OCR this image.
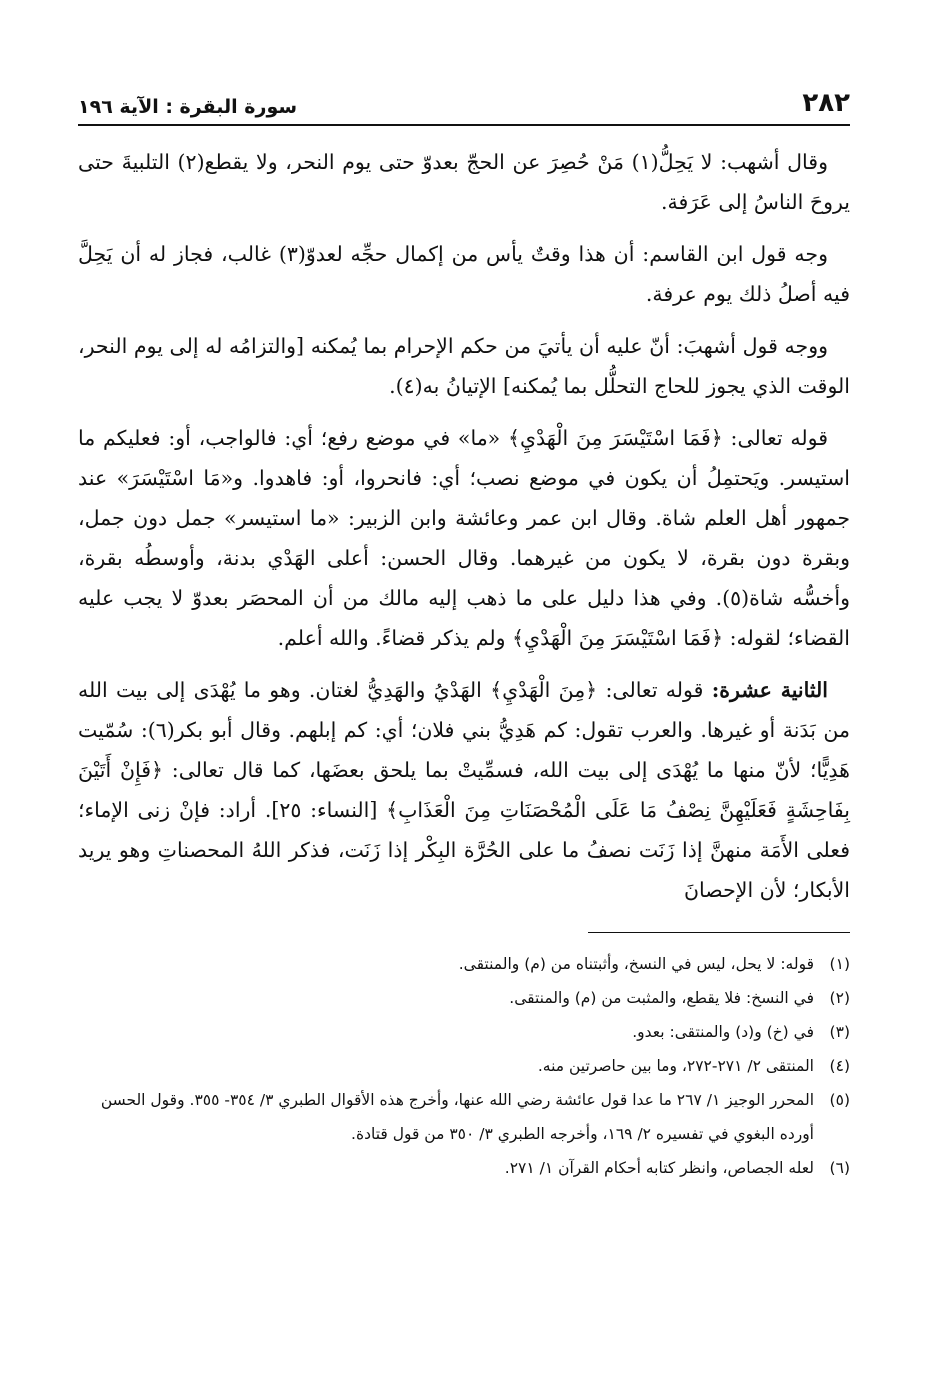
٢٨٢
سورة البقرة : الآية ١٩٦

وقال أشهب: لا يَحِلُّ(١) مَنْ حُصِرَ عن الحجّ بعدوّ حتى يوم النحر، ولا يقطع(٢) التلبيةَ حتى يروحَ الناسُ إلى عَرَفة.

وجه قول ابن القاسم: أن هذا وقتٌ يأس من إكمال حجِّه لعدوّ(٣) غالب، فجاز له أن يَحِلَّ فيه أصلُ ذلك يوم عرفة.

ووجه قول أشهبَ: أنّ عليه أن يأتيَ من حكم الإحرام بما يُمكنه [والتزامُه له إلى يوم النحر، الوقت الذي يجوز للحاج التحلُّل بما يُمكنه] الإتيانُ به(٤).

قوله تعالى: ﴿فَمَا اسْتَيْسَرَ مِنَ الْهَدْيِ﴾ «ما» في موضع رفع؛ أي: فالواجب، أو: فعليكم ما استيسر. ويَحتمِلُ أن يكون في موضع نصب؛ أي: فانحروا، أو: فاهدوا. و«مَا اسْتَيْسَرَ» عند جمهور أهل العلم شاة. وقال ابن عمر وعائشة وابن الزبير: «ما استيسر» جمل دون جمل، وبقرة دون بقرة، لا يكون من غيرهما. وقال الحسن: أعلى الهَدْي بدنة، وأوسطُه بقرة، وأخسُّه شاة(٥). وفي هذا دليل على ما ذهب إليه مالك من أن المحصَر بعدوّ لا يجب عليه القضاء؛ لقوله: ﴿فَمَا اسْتَيْسَرَ مِنَ الْهَدْيِ﴾ ولم يذكر قضاءً. والله أعلم.

الثانية عشرة: قوله تعالى: ﴿مِنَ الْهَدْيِ﴾ الهَدْيُ والهَدِيُّ لغتان. وهو ما يُهْدَى إلى بيت الله من بَدَنة أو غيرها. والعرب تقول: كم هَدِيُّ بني فلان؛ أي: كم إبلهم. وقال أبو بكر(٦): سُمّيت هَدِيًّا؛ لأنّ منها ما يُهْدَى إلى بيت الله، فسمِّيتْ بما يلحق بعضَها، كما قال تعالى: ﴿فَإِنْ أَتَيْنَ بِفَاحِشَةٍ فَعَلَيْهِنَّ نِصْفُ مَا عَلَى الْمُحْصَنَاتِ مِنَ الْعَذَابِ﴾ [النساء: ٢٥]. أراد: فإنْ زنى الإماء؛ فعلى الأَمَة منهنَّ إذا زَنَت نصفُ ما على الحُرَّة البِكْر إذا زَنَت، فذكر اللهُ المحصناتِ وهو يريد الأبكار؛ لأن الإحصانَ

(١)
قوله: لا يحل، ليس في النسخ، وأثبتناه من (م) والمنتقى.
(٢)
في النسخ: فلا يقطع، والمثبت من (م) والمنتقى.
(٣)
في (خ) و(د) والمنتقى: بعدو.
(٤)
المنتقى ٢/ ٢٧١-٢٧٢، وما بين حاصرتين منه.
(٥)
المحرر الوجيز ١/ ٢٦٧ ما عدا قول عائشة رضي الله عنها، وأخرج هذه الأقوال الطبري ٣/ ٣٥٤- ٣٥٥. وقول الحسن أورده البغوي في تفسيره ٢/ ١٦٩، وأخرجه الطبري ٣/ ٣٥٠ من قول قتادة.
(٦)
لعله الجصاص، وانظر كتابه أحكام القرآن ١/ ٢٧١.
